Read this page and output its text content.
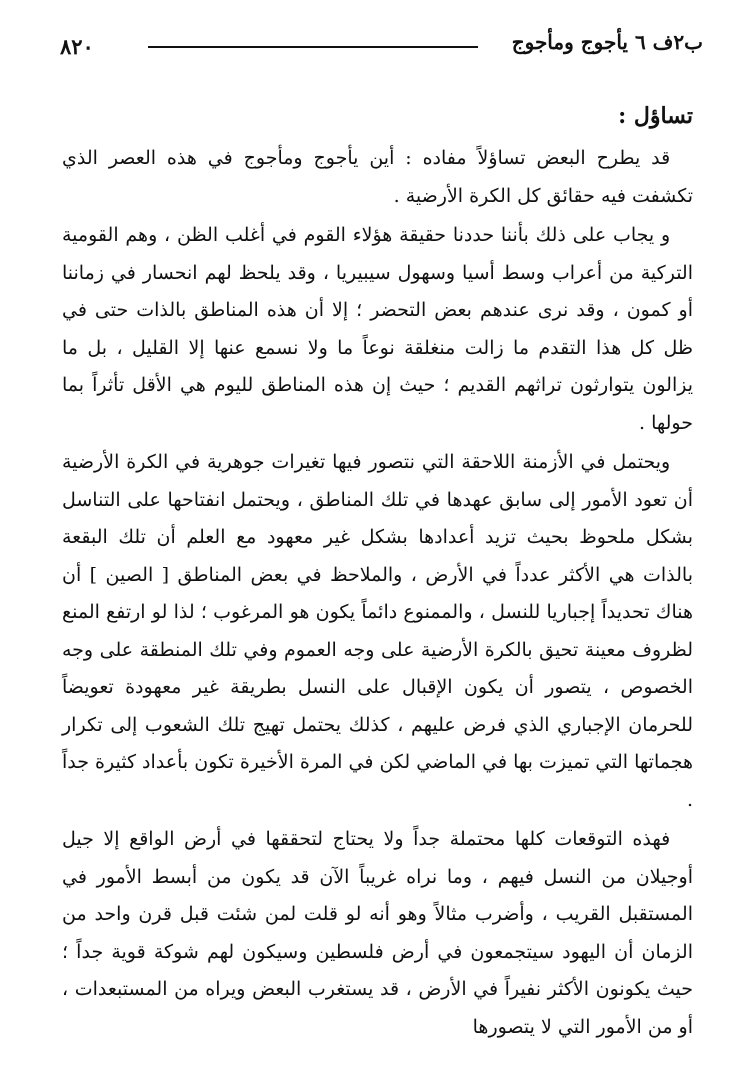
٨٢٠	ب٢ف ٦ يأجوج ومأجوج
تساؤل :

قد يطرح البعض تساؤلاً مفاده : أين يأجوج ومأجوج في هذه العصر الذي تكشفت فيه حقائق كل الكرة الأرضية .

و يجاب على ذلك بأننا حددنا حقيقة هؤلاء القوم في أغلب الظن ، وهم القومية التركية من أعراب وسط أسيا وسهول سيبيريا ، وقد يلحظ لهم انحسار في زماننا أو كمون ، وقد نرى عندهم بعض التحضر ؛ إلا أن هذه المناطق بالذات حتى في ظل كل هذا التقدم ما زالت منغلقة نوعاً ما ولا نسمع عنها إلا القليل ، بل ما يزالون يتوارثون تراثهم القديم ؛ حيث إن هذه المناطق لليوم هي الأقل تأثراً بما حولها .

ويحتمل في الأزمنة اللاحقة التي نتصور فيها تغيرات جوهرية في الكرة الأرضية أن تعود الأمور إلى سابق عهدها في تلك المناطق ، ويحتمل انفتاحها على التناسل بشكل ملحوظ بحيث تزيد أعدادها بشكل غير معهود مع العلم أن تلك البقعة بالذات هي الأكثر عدداً في الأرض ، والملاحظ في بعض المناطق [ الصين ] أن هناك تحديداً إجباريا للنسل ، والممنوع دائماً يكون هو المرغوب ؛ لذا لو ارتفع المنع لظروف معينة تحيق بالكرة الأرضية على وجه العموم وفي تلك المنطقة على وجه الخصوص ، يتصور أن يكون الإقبال على النسل بطريقة غير معهودة تعويضاً للحرمان الإجباري الذي فرض عليهم ، كذلك يحتمل تهيج تلك الشعوب إلى تكرار هجماتها التي تميزت بها في الماضي لكن في المرة الأخيرة تكون بأعداد كثيرة جداً .

فهذه التوقعات كلها محتملة جداً ولا يحتاج لتحققها في أرض الواقع إلا جيل أوجيلان من النسل فيهم ، وما نراه غريباً الآن قد يكون من أبسط الأمور في المستقبل القريب ، وأضرب مثالاً وهو أنه لو قلت لمن شئت قبل قرن واحد من الزمان أن اليهود سيتجمعون في أرض فلسطين وسيكون لهم شوكة قوية جداً ؛ حيث يكونون الأكثر نفيراً في الأرض ، قد يستغرب البعض ويراه من المستبعدات ، أو من الأمور التي لا يتصورها
